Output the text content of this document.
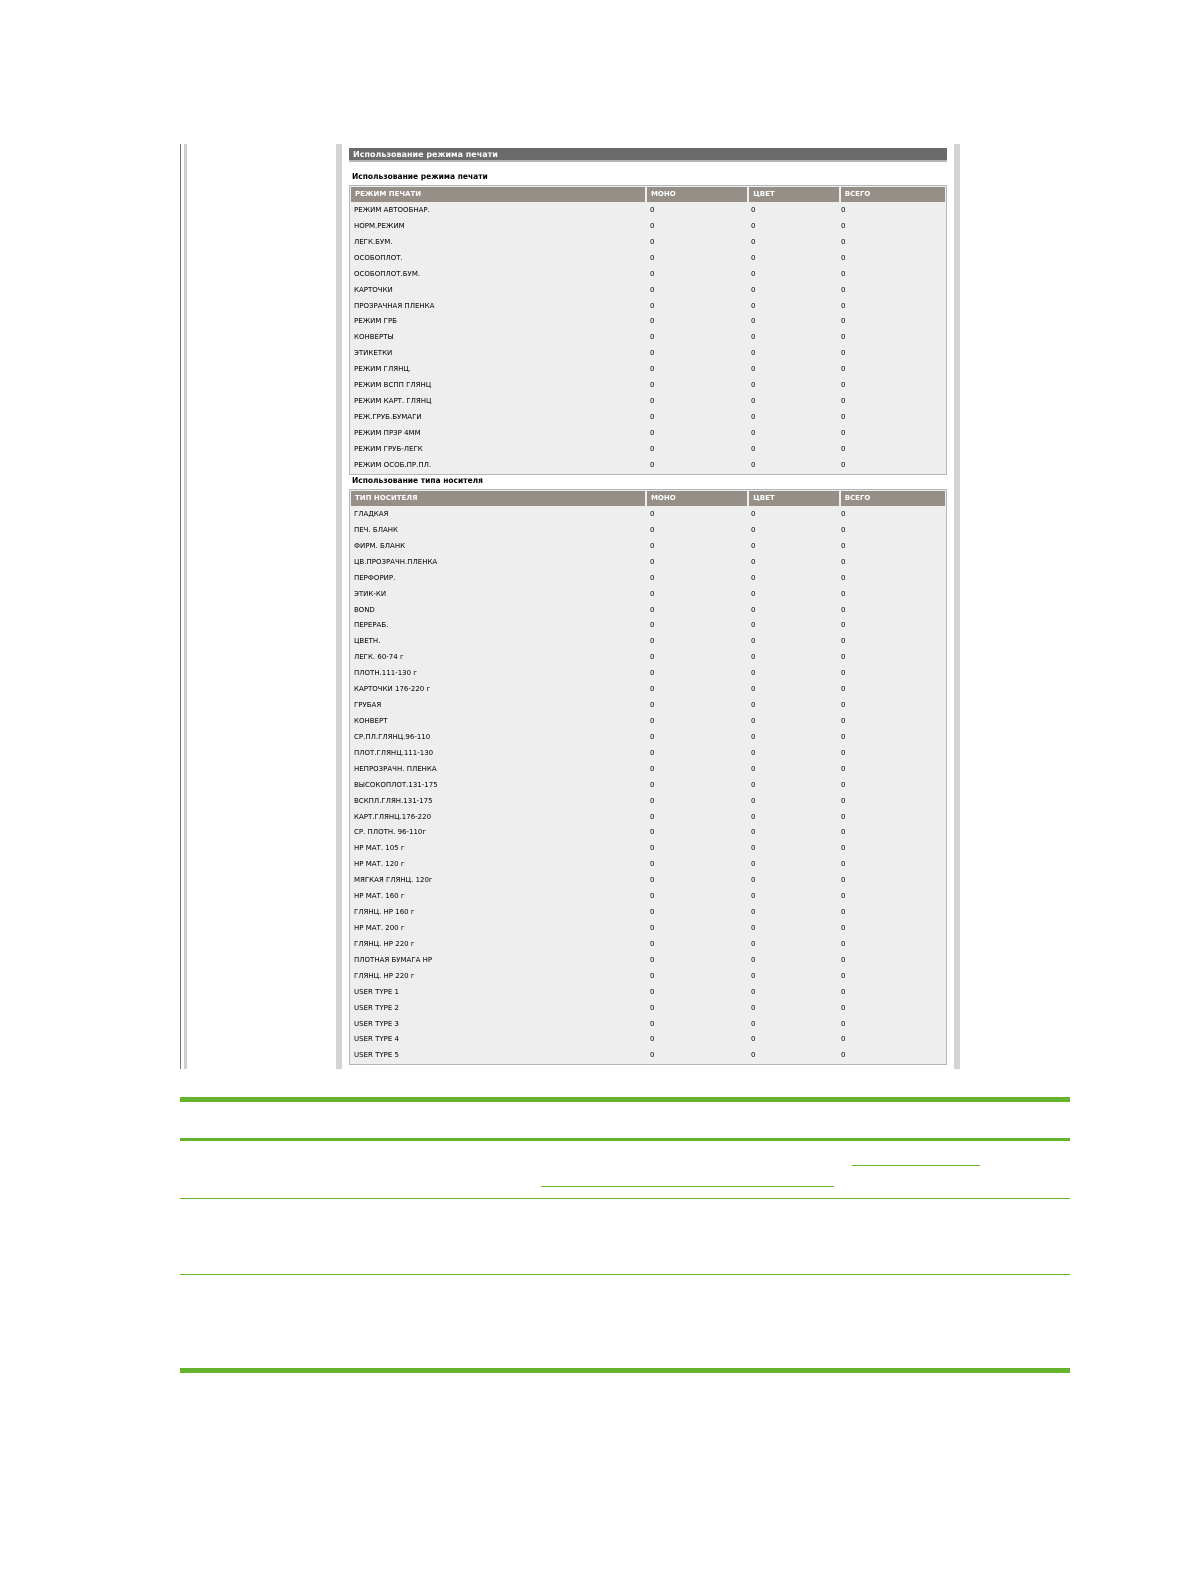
Использование режима печати
Использование режима печати
РЕЖИМ ПЕЧАТИ	МОНО	ЦВЕТ	ВСЕГО
РЕЖИМ АВТООБНАР.	0	0	0
НОРМ.РЕЖИМ	0	0	0
ЛЕГК.БУМ.	0	0	0
ОСОБОПЛОТ.	0	0	0
ОСОБОПЛОТ.БУМ.	0	0	0
КАРТОЧКИ	0	0	0
ПРОЗРАЧНАЯ ПЛЕНКА	0	0	0
РЕЖИМ ГРБ	0	0	0
КОНВЕРТЫ	0	0	0
ЭТИКЕТКИ	0	0	0
РЕЖИМ ГЛЯНЦ.	0	0	0
РЕЖИМ ВСПП ГЛЯНЦ	0	0	0
РЕЖИМ КАРТ. ГЛЯНЦ	0	0	0
РЕЖ.ГРУБ.БУМАГИ	0	0	0
РЕЖИМ ПРЗР 4ММ	0	0	0
РЕЖИМ ГРУБ-ЛЕГК	0	0	0
РЕЖИМ ОСОБ.ПР.ПЛ.	0	0	0
Использование типа носителя
ТИП НОСИТЕЛЯ	МОНО	ЦВЕТ	ВСЕГО
ГЛАДКАЯ	0	0	0
ПЕЧ. БЛАНК	0	0	0
ФИРМ. БЛАНК	0	0	0
ЦВ.ПРОЗРАЧН.ПЛЕНКА	0	0	0
ПЕРФОРИР.	0	0	0
ЭТИК-КИ	0	0	0
BOND	0	0	0
ПЕРЕРАБ.	0	0	0
ЦВЕТН.	0	0	0
ЛЕГК. 60-74 г	0	0	0
ПЛОТН.111-130 г	0	0	0
КАРТОЧКИ 176-220 г	0	0	0
ГРУБАЯ	0	0	0
КОНВЕРТ	0	0	0
СР.ПЛ.ГЛЯНЦ.96-110	0	0	0
ПЛОТ.ГЛЯНЦ.111-130	0	0	0
НЕПРОЗРАЧН. ПЛЕНКА	0	0	0
ВЫСОКОПЛОТ.131-175	0	0	0
ВСКПЛ.ГЛЯН.131-175	0	0	0
КАРТ.ГЛЯНЦ.176-220	0	0	0
СР. ПЛОТН. 96-110г	0	0	0
HP МАТ. 105 г	0	0	0
HP МАТ. 120 г	0	0	0
МЯГКАЯ ГЛЯНЦ. 120г	0	0	0
HP МАТ. 160 г	0	0	0
ГЛЯНЦ. HP 160 г	0	0	0
HP МАТ. 200 г	0	0	0
ГЛЯНЦ. HP 220 г	0	0	0
ПЛОТНАЯ БУМАГА HP	0	0	0
ГЛЯНЦ. HP 220 г	0	0	0
USER TYPE 1	0	0	0
USER TYPE 2	0	0	0
USER TYPE 3	0	0	0
USER TYPE 4	0	0	0
USER TYPE 5	0	0	0
